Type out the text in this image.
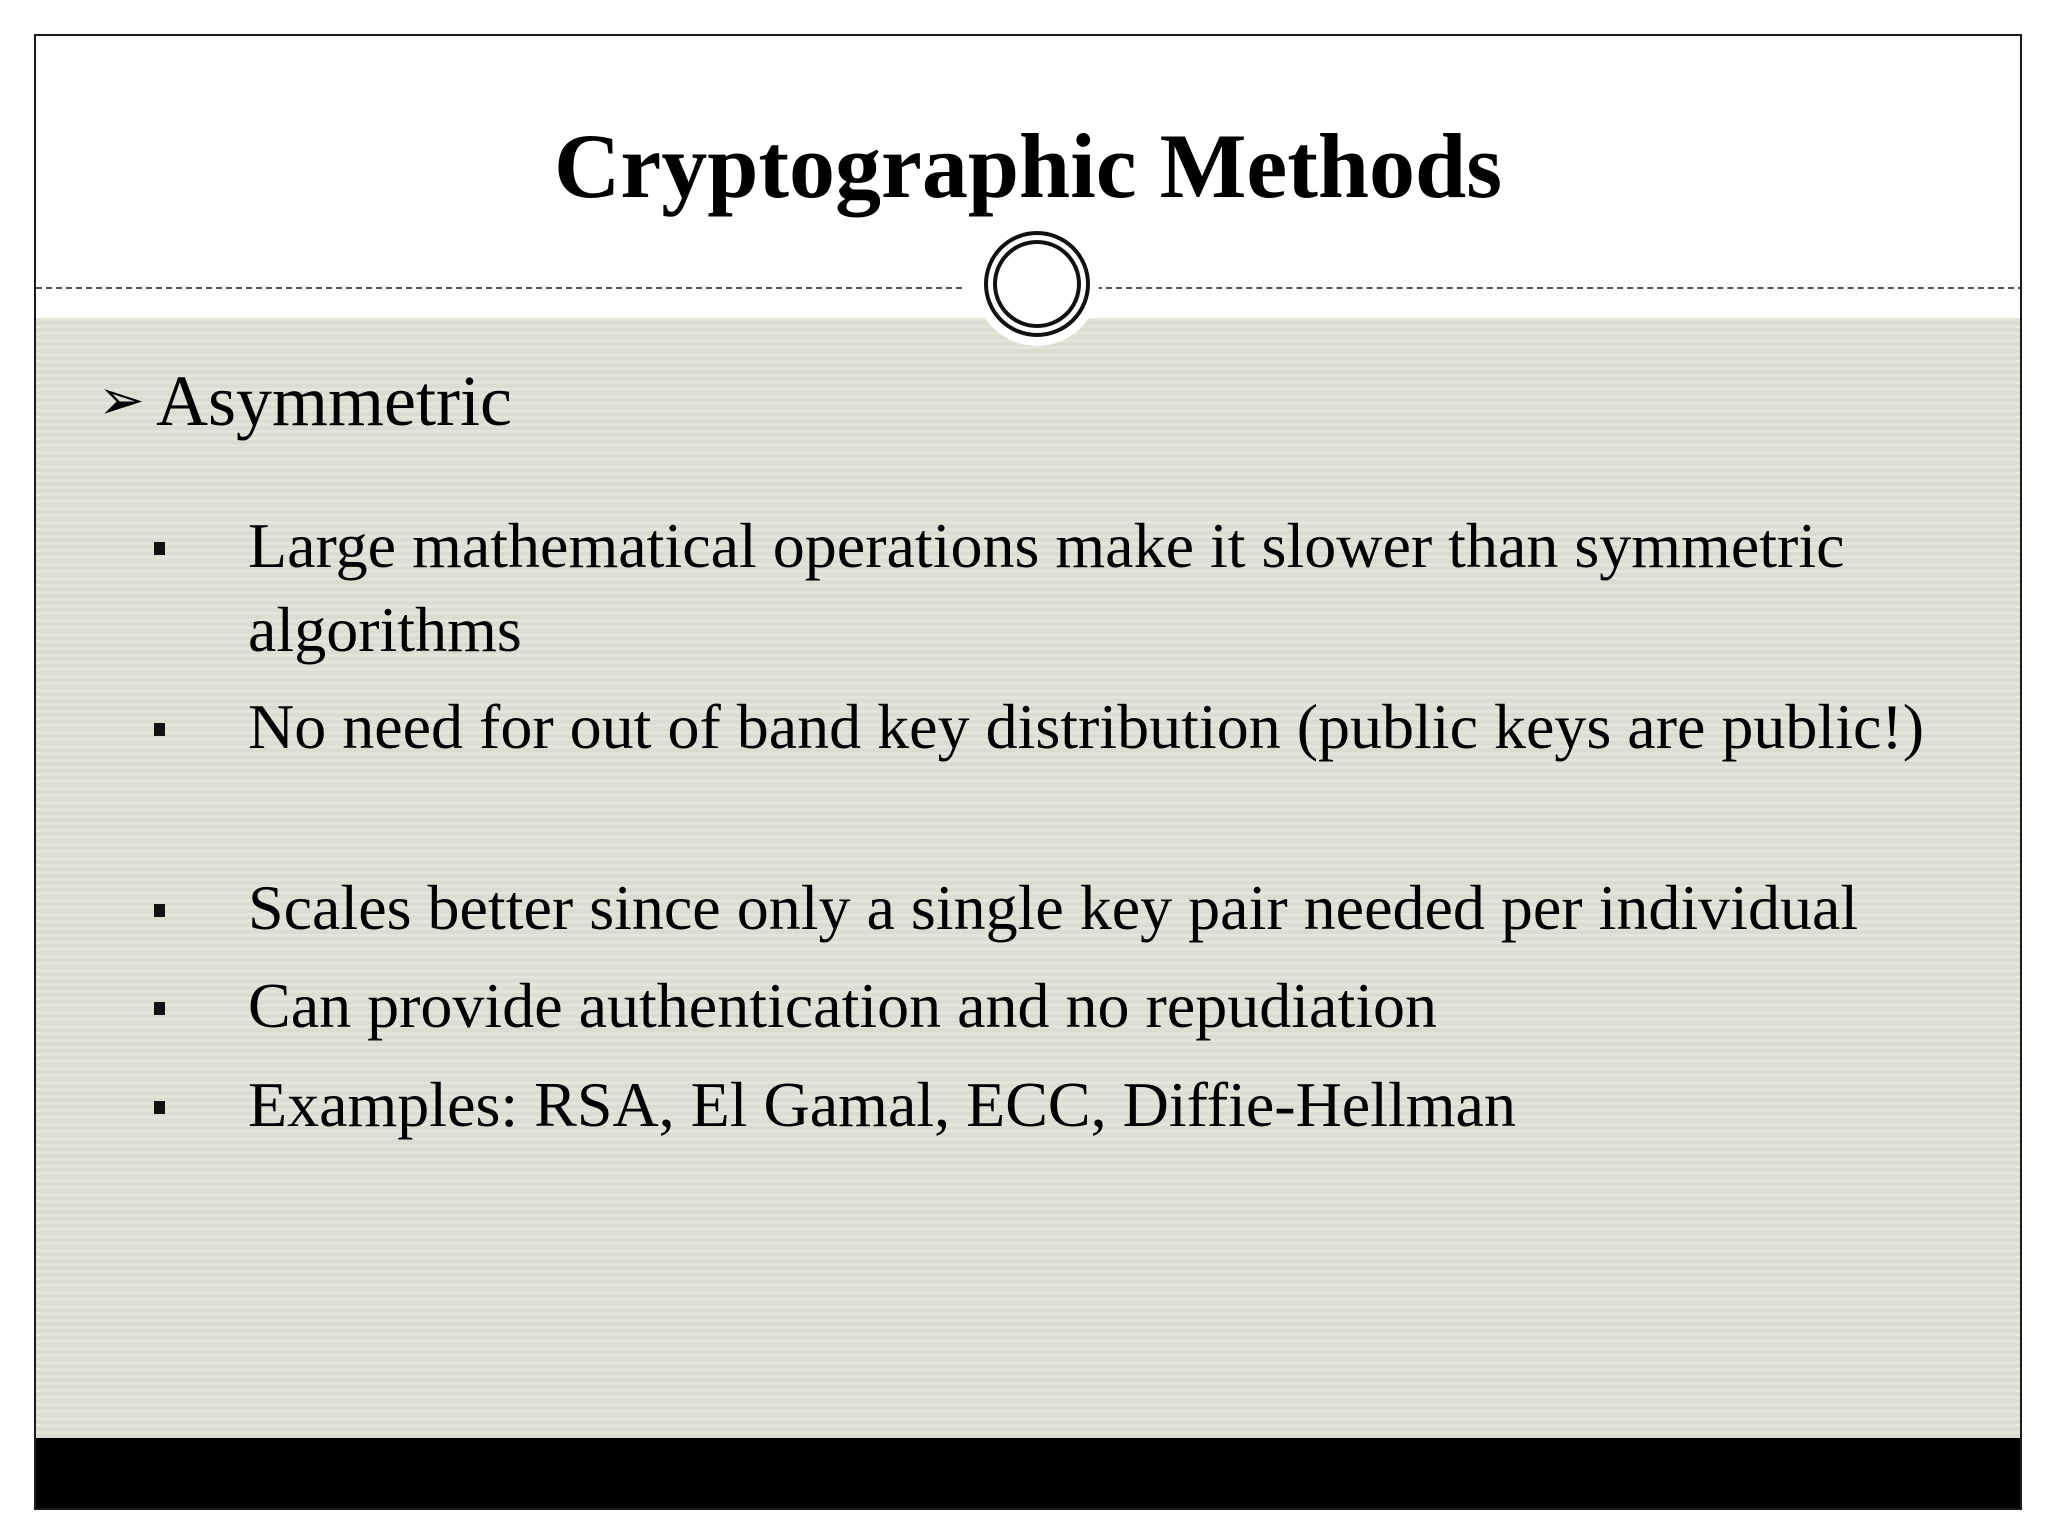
Cryptographic Methods
➢ Asymmetric
Large mathematical operations make it slower than symmetric algorithms
No need for out of band key distribution (public keys are public!)
Scales better since only a single key pair needed per individual
Can provide authentication and no repudiation
Examples: RSA, El Gamal, ECC, Diffie-Hellman
